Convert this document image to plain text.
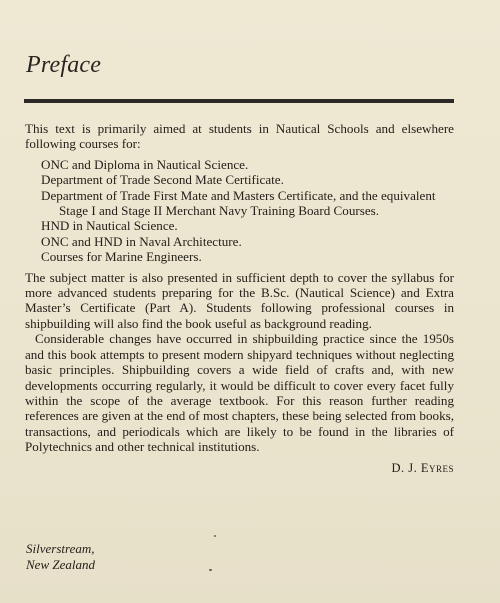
Preface

This text is primarily aimed at students in Nautical Schools and elsewhere following courses for:

ONC and Diploma in Nautical Science.
Department of Trade Second Mate Certificate.
Department of Trade First Mate and Masters Certificate, and the equivalent Stage I and Stage II Merchant Navy Training Board Courses.
HND in Nautical Science.
ONC and HND in Naval Architecture.
Courses for Marine Engineers.

The subject matter is also presented in sufficient depth to cover the syllabus for more advanced students preparing for the B.Sc. (Nautical Science) and Extra Master’s Certificate (Part A). Students following professional courses in shipbuilding will also find the book useful as background reading.

Considerable changes have occurred in shipbuilding practice since the 1950s and this book attempts to present modern shipyard techniques without neglecting basic principles. Shipbuilding covers a wide field of crafts and, with new developments occurring regularly, it would be difficult to cover every facet fully within the scope of the average textbook. For this reason further reading references are given at the end of most chapters, these being selected from books, transactions, and periodicals which are likely to be found in the libraries of Polytechnics and other technical institutions.

D. J. Eyres

Silverstream,
New Zealand
